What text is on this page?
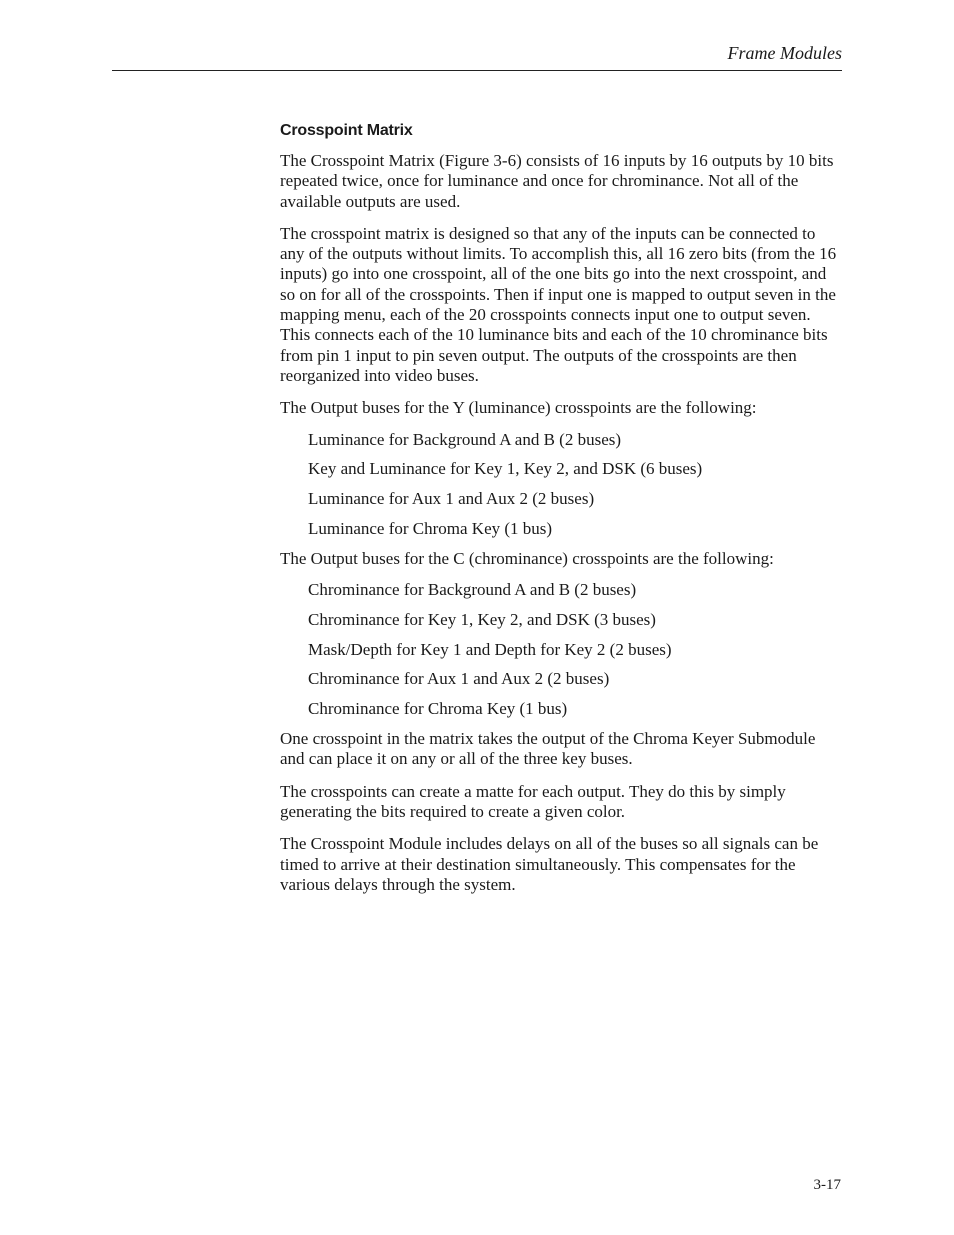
Frame Modules
Crosspoint Matrix

The Crosspoint Matrix (Figure 3-6) consists of 16 inputs by 16 outputs by 10 bits repeated twice, once for luminance and once for chrominance. Not all of the available outputs are used.

The crosspoint matrix is designed so that any of the inputs can be connected to any of the outputs without limits. To accomplish this, all 16 zero bits (from the 16 inputs) go into one crosspoint, all of the one bits go into the next crosspoint, and so on for all of the crosspoints. Then if input one is mapped to output seven in the mapping menu, each of the 20 crosspoints connects input one to output seven. This connects each of the 10 luminance bits and each of the 10 chrominance bits from pin 1 input to pin seven output. The outputs of the crosspoints are then reorganized into video buses.

The Output buses for the Y (luminance) crosspoints are the following:

Luminance for Background A and B (2 buses)
Key and Luminance for Key 1, Key 2, and DSK (6 buses)
Luminance for Aux 1 and Aux 2 (2 buses)
Luminance for Chroma Key (1 bus)

The Output buses for the C (chrominance) crosspoints are the following:

Chrominance for Background A and B (2 buses)
Chrominance for Key 1, Key 2, and DSK (3 buses)
Mask/Depth for Key 1 and Depth for Key 2 (2 buses)
Chrominance for Aux 1 and Aux 2 (2 buses)
Chrominance for Chroma Key (1 bus)

One crosspoint in the matrix takes the output of the Chroma Keyer Submodule and can place it on any or all of the three key buses.

The crosspoints can create a matte for each output. They do this by simply generating the bits required to create a given color.

The Crosspoint Module includes delays on all of the buses so all signals can be timed to arrive at their destination simultaneously. This compensates for the various delays through the system.

3-17
